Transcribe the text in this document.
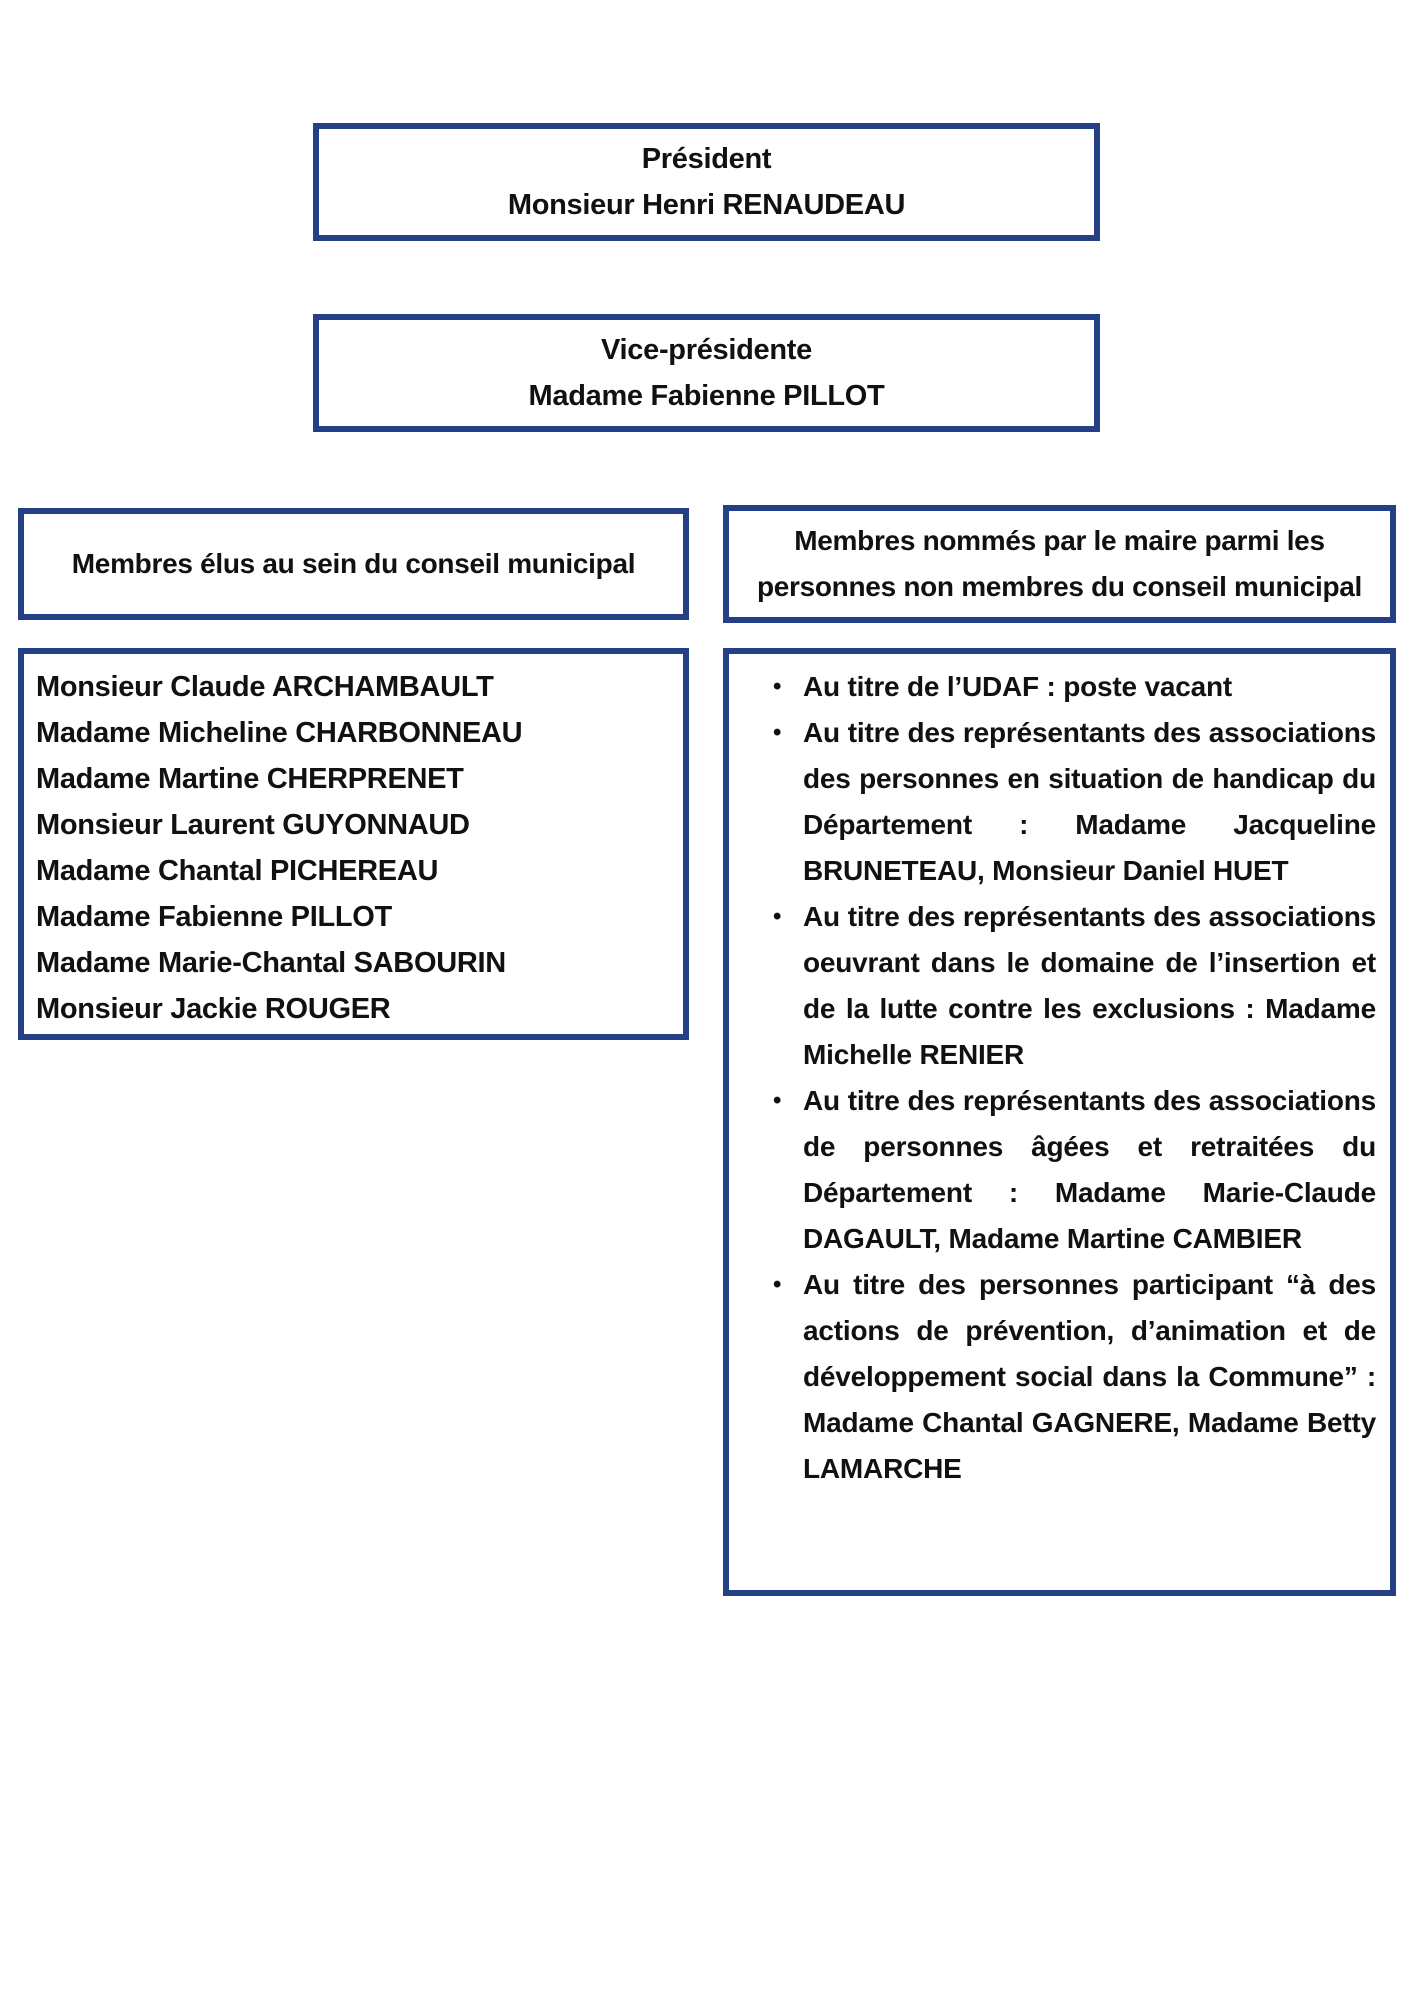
Président
Monsieur Henri RENAUDEAU
Vice-présidente
Madame Fabienne PILLOT
Membres élus au sein du conseil municipal
Membres nommés par le maire parmi les
personnes non membres du conseil municipal
Monsieur Claude ARCHAMBAULT
Madame Micheline CHARBONNEAU
Madame Martine CHERPRENET
Monsieur Laurent GUYONNAUD
Madame Chantal PICHEREAU
Madame Fabienne PILLOT
Madame Marie-Chantal SABOURIN
Monsieur Jackie ROUGER
• Au titre de l’UDAF : poste vacant
• Au titre des représentants des associations des personnes en situation de handicap du Département : Madame Jacqueline BRUNETEAU, Monsieur Daniel HUET
• Au titre des représentants des associations oeuvrant dans le domaine de l’insertion et de la lutte contre les exclusions : Madame Michelle RENIER
• Au titre des représentants des associations de personnes âgées et retraitées du Département : Madame Marie-Claude DAGAULT, Madame Martine CAMBIER
• Au titre des personnes participant “à des actions de prévention, d’animation et de développement social dans la Commune” : Madame Chantal GAGNERE, Madame Betty LAMARCHE
